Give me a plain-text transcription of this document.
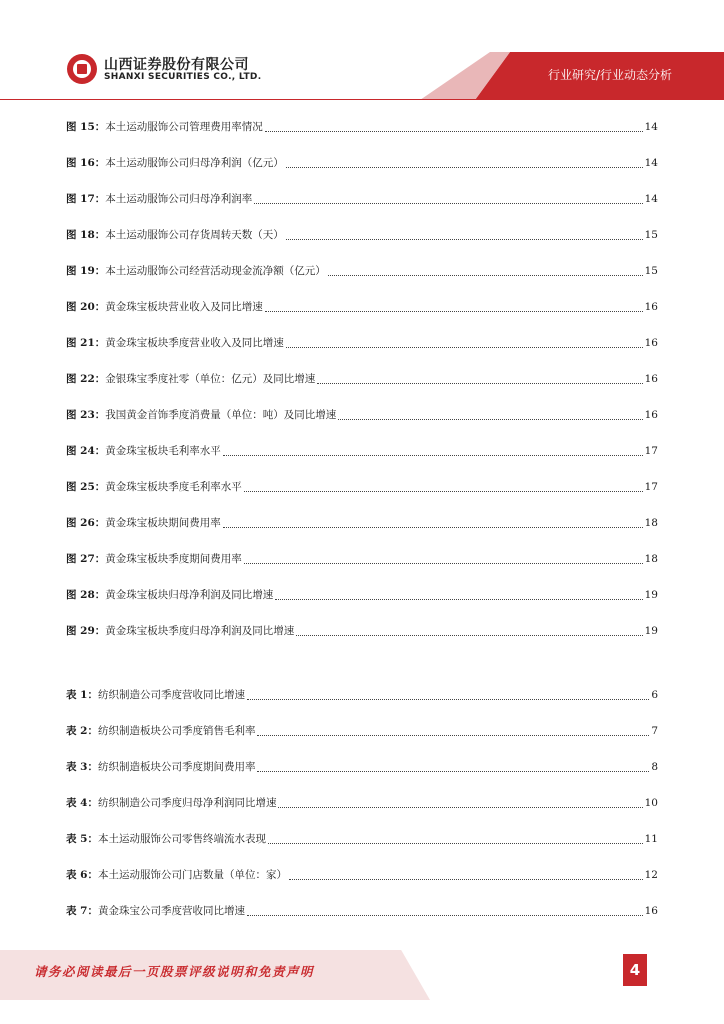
山西证券股份有限公司
SHANXI SECURITIES CO., LTD.	行业研究/行业动态分析
图 15： 本土运动服饰公司管理费用率情况	14
图 16： 本土运动服饰公司归母净利润（亿元）	14
图 17： 本土运动服饰公司归母净利润率	14
图 18： 本土运动服饰公司存货周转天数（天）	15
图 19： 本土运动服饰公司经营活动现金流净额（亿元）	15
图 20： 黄金珠宝板块营业收入及同比增速	16
图 21： 黄金珠宝板块季度营业收入及同比增速	16
图 22： 金银珠宝季度社零（单位：亿元）及同比增速	16
图 23： 我国黄金首饰季度消费量（单位：吨）及同比增速	16
图 24： 黄金珠宝板块毛利率水平	17
图 25： 黄金珠宝板块季度毛利率水平	17
图 26： 黄金珠宝板块期间费用率	18
图 27： 黄金珠宝板块季度期间费用率	18
图 28： 黄金珠宝板块归母净利润及同比增速	19
图 29： 黄金珠宝板块季度归母净利润及同比增速	19
表 1： 纺织制造公司季度营收同比增速	6
表 2： 纺织制造板块公司季度销售毛利率	7
表 3： 纺织制造板块公司季度期间费用率	8
表 4： 纺织制造公司季度归母净利润同比增速	10
表 5： 本土运动服饰公司零售终端流水表现	11
表 6： 本土运动服饰公司门店数量（单位：家）	12
表 7： 黄金珠宝公司季度营收同比增速	16
请务必阅读最后一页股票评级说明和免责声明	4
